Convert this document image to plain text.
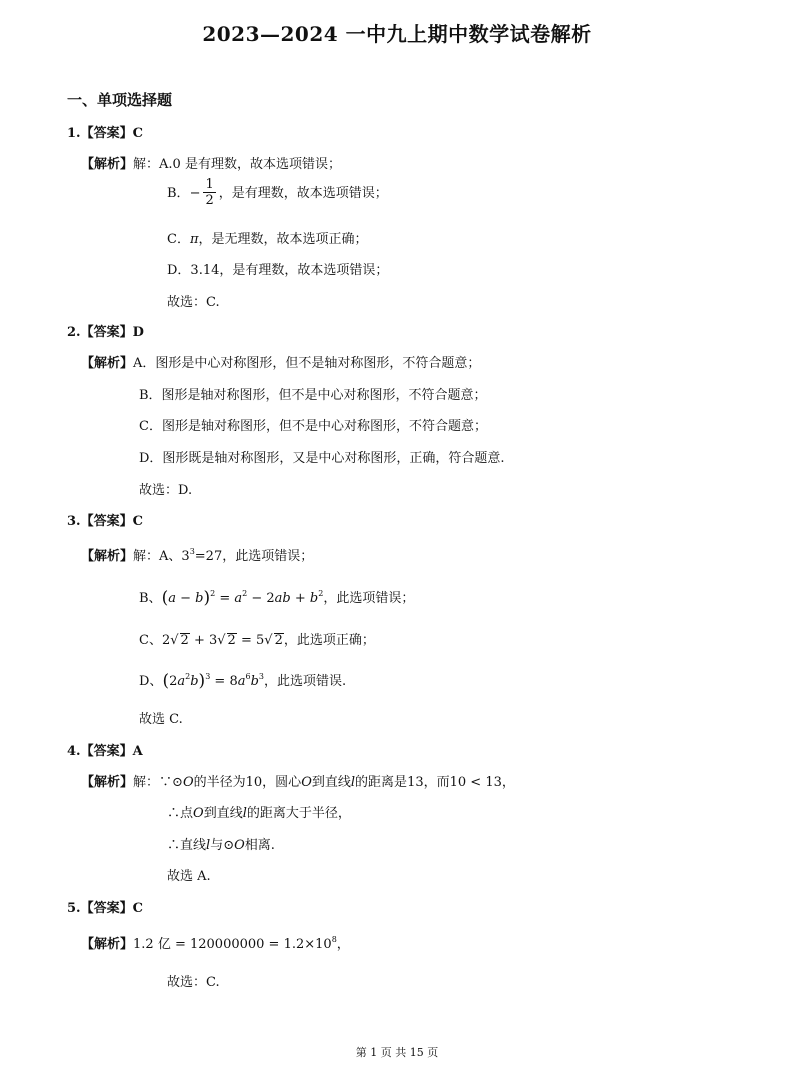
2023—2024 一中九上期中数学试卷解析
一、单项选择题
1.【答案】C
【解析】解：A.0 是有理数，故本选项错误；
B．− $\frac{1}{2}$ ，是有理数，故本选项错误；
C．π，是无理数，故本选项正确；
D．3.14，是有理数，故本选项错误；
故选：C.
2.【答案】D
【解析】A．图形是中心对称图形，但不是轴对称图形，不符合题意；
B．图形是轴对称图形，但不是中心对称图形，不符合题意；
C．图形是轴对称图形，但不是中心对称图形，不符合题意；
D．图形既是轴对称图形，又是中心对称图形，正确，符合题意.
故选：D.
3.【答案】C
【解析】解：A、$3^3=27$，此选项错误；
B、$(a - b)^2 = a^2 - 2ab + b^2$，此选项错误；
C、2√ 2 + 3√ 2 = 5√ 2，此选项正确；
D、$(2a^2b)^3 = 8a^6b^3$，此选项错误.
故选 C.
4.【答案】A
【解析】解：∵⊙O的半径为10，圆心O到直线l的距离是13，而10 < 13，
∴点O到直线l的距离大于半径，
∴直线l与⊙O相离.
故选 A.
5.【答案】C
【解析】1.2 亿 = $120000000 = 1.2\times 10^8$，
故选：C.
第 1 页 共 15 页
